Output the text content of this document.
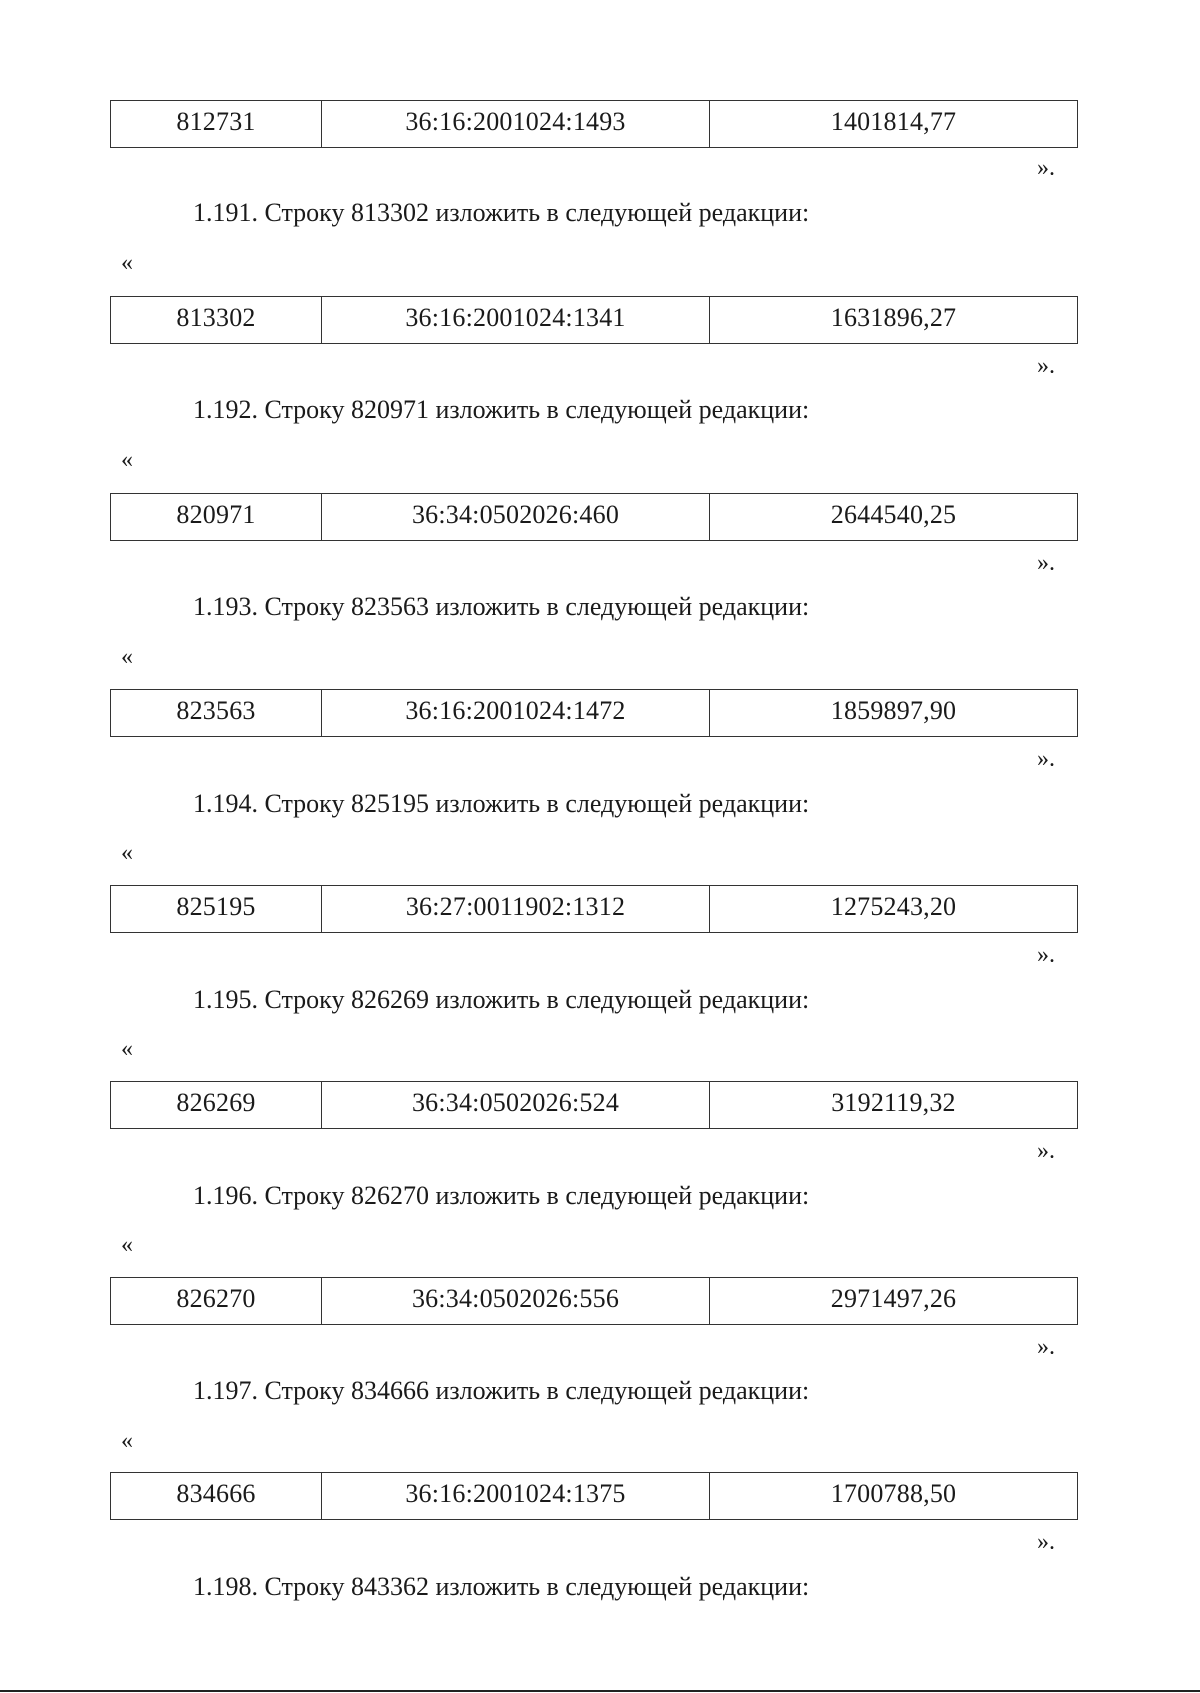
812731	36:16:2001024:1493	1401814,77
».
1.191. Строку 813302 изложить в следующей редакции:
«
813302	36:16:2001024:1341	1631896,27
».
1.192. Строку 820971 изложить в следующей редакции:
«
820971	36:34:0502026:460	2644540,25
».
1.193. Строку 823563 изложить в следующей редакции:
«
823563	36:16:2001024:1472	1859897,90
».
1.194. Строку 825195 изложить в следующей редакции:
«
825195	36:27:0011902:1312	1275243,20
».
1.195. Строку 826269 изложить в следующей редакции:
«
826269	36:34:0502026:524	3192119,32
».
1.196. Строку 826270 изложить в следующей редакции:
«
826270	36:34:0502026:556	2971497,26
».
1.197. Строку 834666 изложить в следующей редакции:
«
834666	36:16:2001024:1375	1700788,50
».
1.198. Строку 843362 изложить в следующей редакции:
